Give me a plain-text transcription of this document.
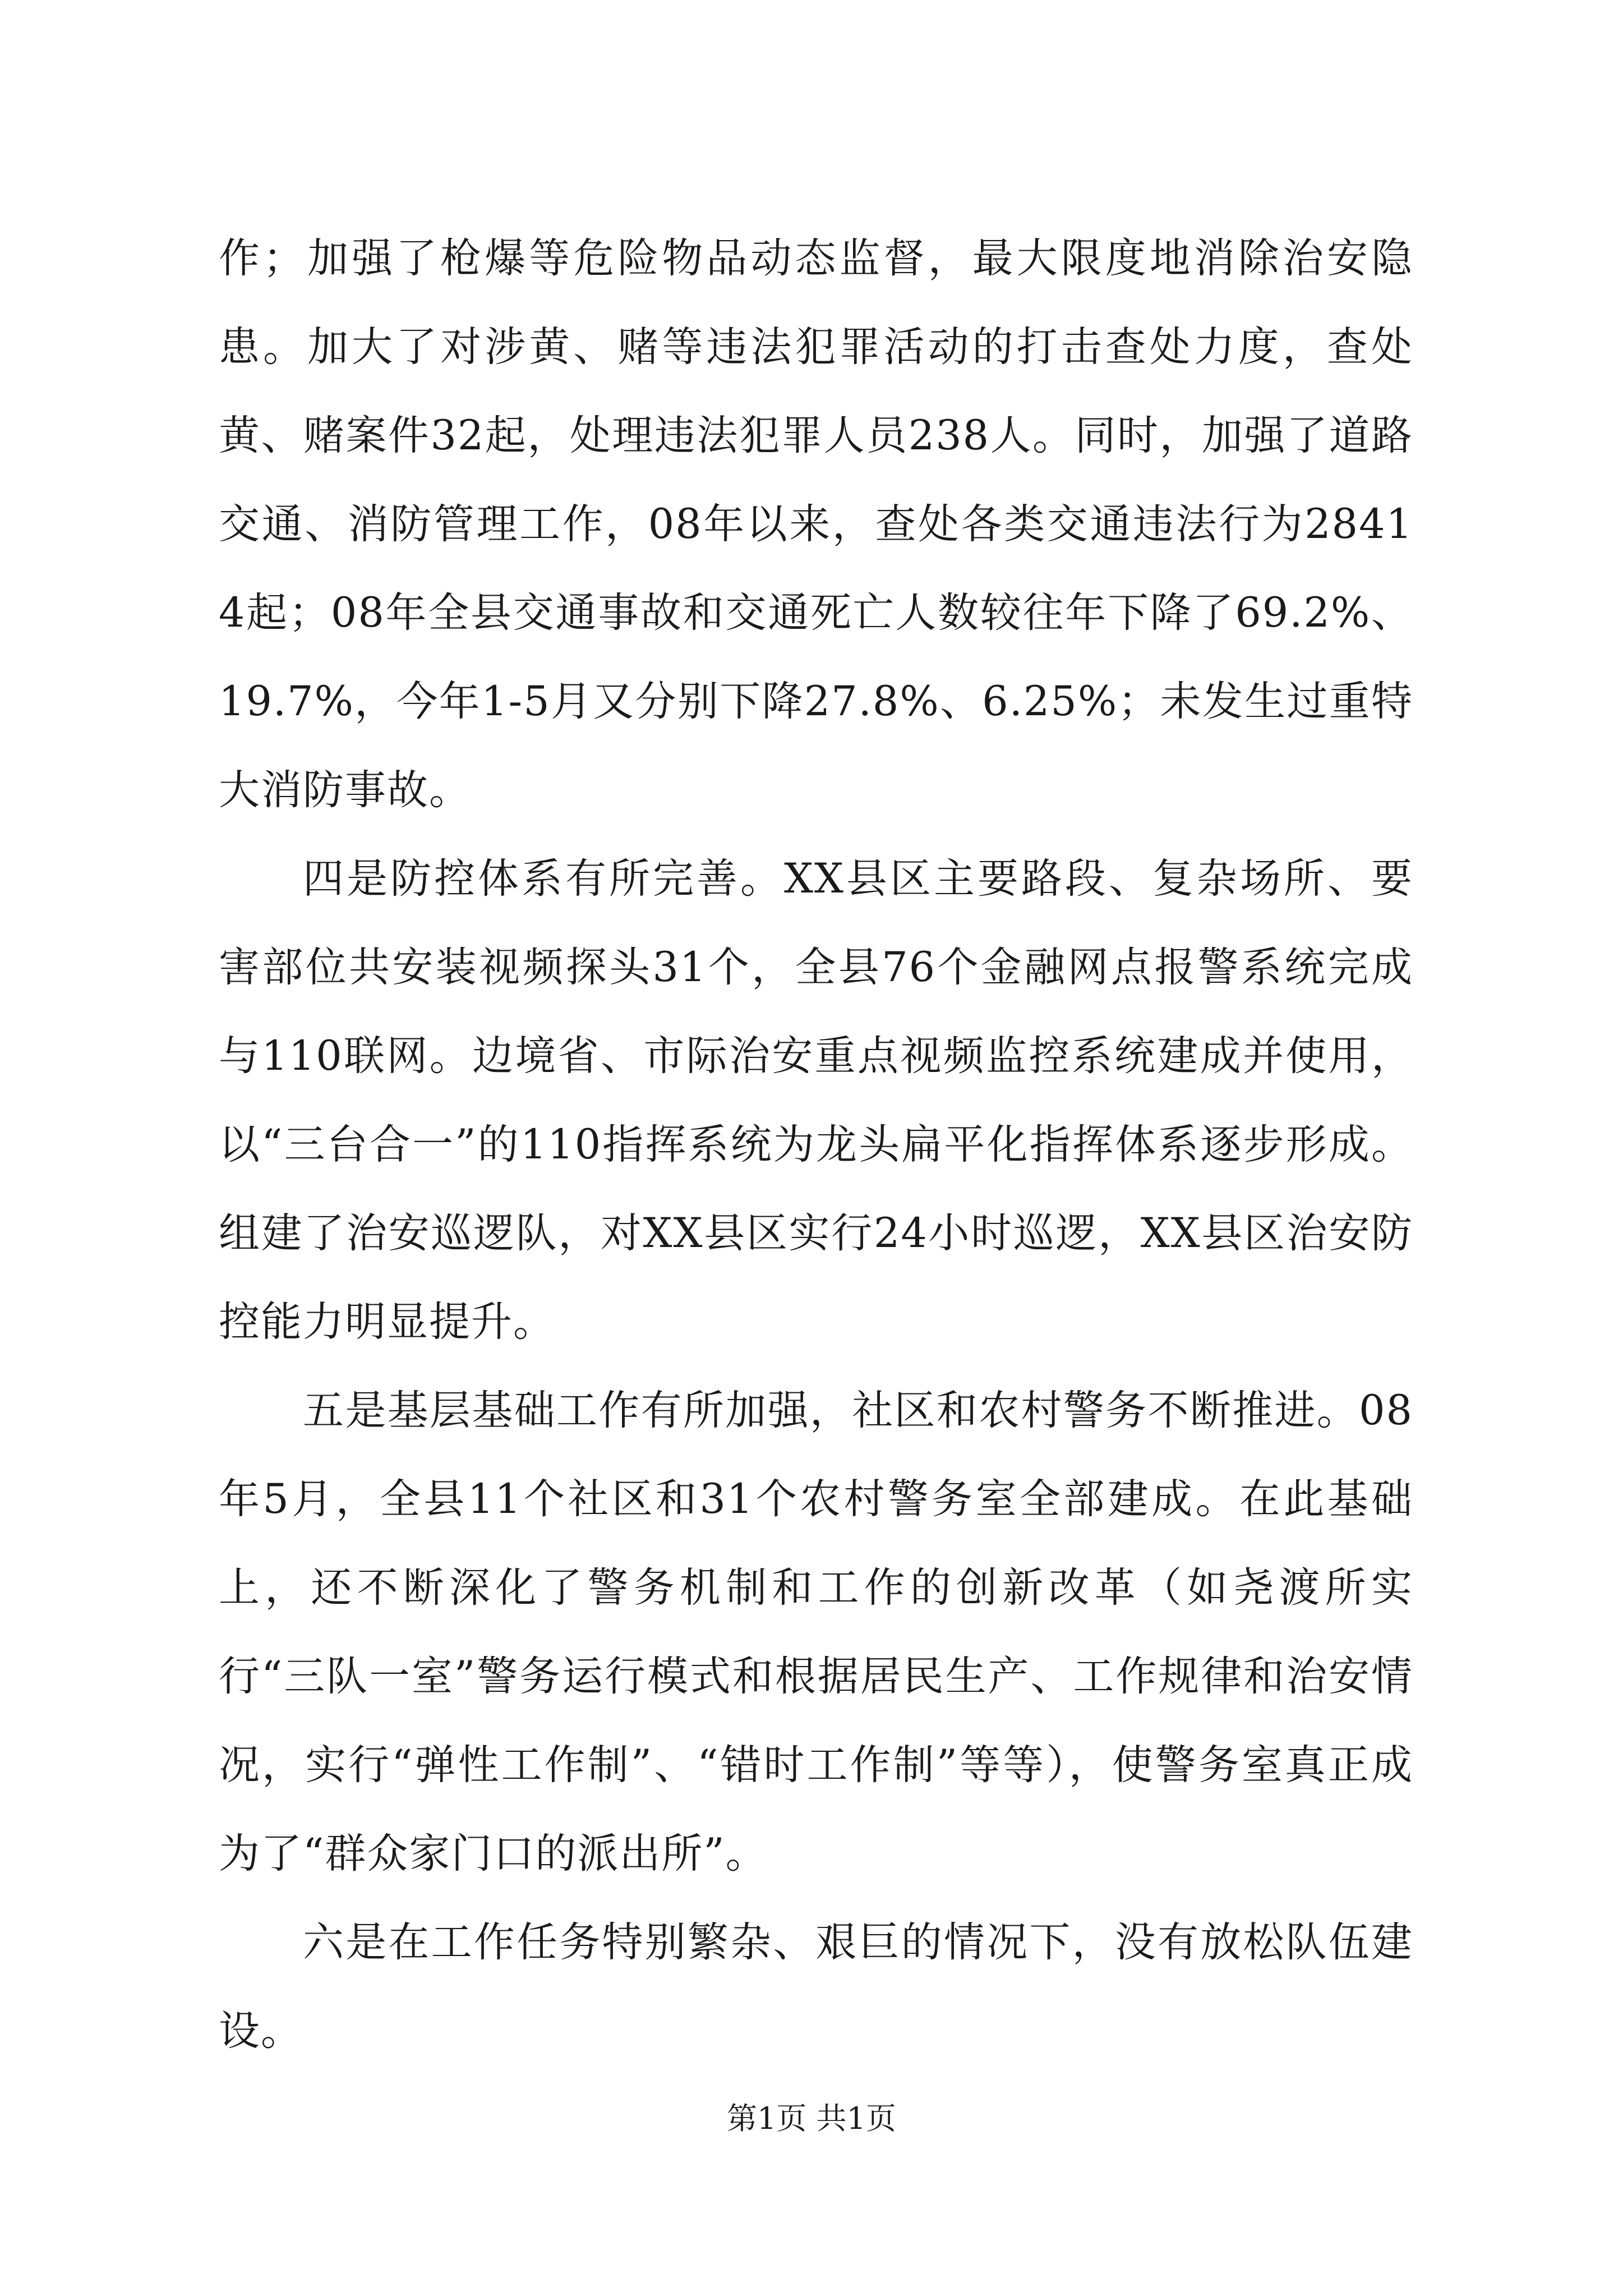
作；加强了枪爆等危险物品动态监督，最大限度地消除治安隐患。加大了对涉黄、赌等违法犯罪活动的打击查处力度，查处黄、赌案件32起，处理违法犯罪人员238人。同时，加强了道路交通、消防管理工作，08年以来，查处各类交通违法行为28414起；08年全县交通事故和交通死亡人数较往年下降了69.2%、19.7%，今年1-5月又分别下降27.8%、6.25%；未发生过重特大消防事故。

四是防控体系有所完善。XX县区主要路段、复杂场所、要害部位共安装视频探头31个，全县76个金融网点报警系统完成与110联网。边境省、市际治安重点视频监控系统建成并使用，以“三台合一”的110指挥系统为龙头扁平化指挥体系逐步形成。组建了治安巡逻队，对XX县区实行24小时巡逻，XX县区治安防控能力明显提升。

五是基层基础工作有所加强，社区和农村警务不断推进。08年5月，全县11个社区和31个农村警务室全部建成。在此基础上，还不断深化了警务机制和工作的创新改革（如尧渡所实行“三队一室”警务运行模式和根据居民生产、工作规律和治安情况，实行“弹性工作制”、“错时工作制”等等），使警务室真正成为了“群众家门口的派出所”。

六是在工作任务特别繁杂、艰巨的情况下，没有放松队伍建设。

第1页 共1页
